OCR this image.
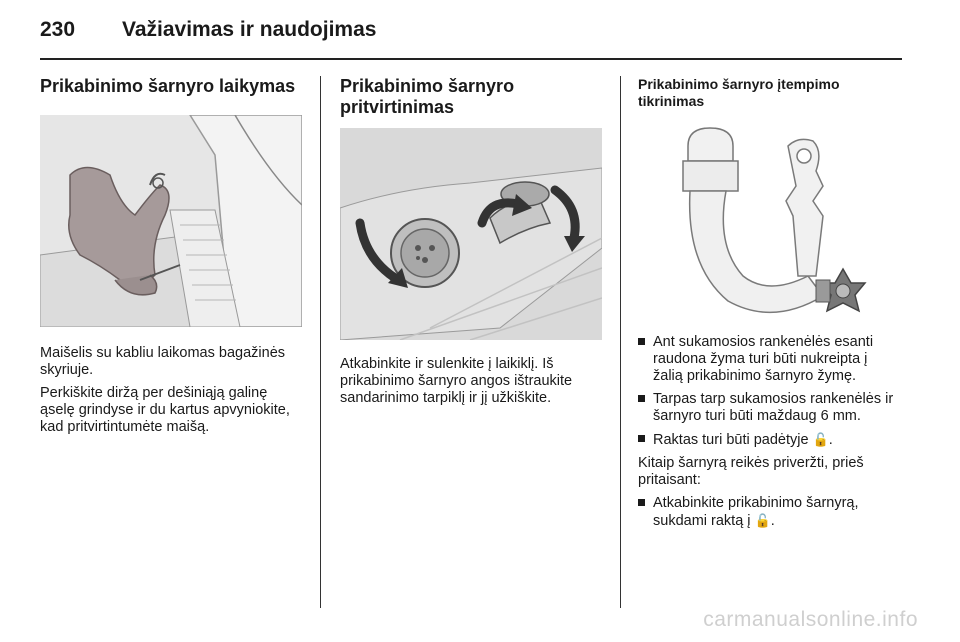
230 Važiavimas ir naudojimas
Prikabinimo šarnyro laikymas

Maišelis su kabliu laikomas bagažinės skyriuje.

Perkiškite diržą per dešiniąją galinę ąselę grindyse ir du kartus apvyniokite, kad pritvirtintumėte maišą.

Prikabinimo šarnyro pritvirtinimas

Atkabinkite ir sulenkite į laikiklį. Iš prikabinimo šarnyro angos ištraukite sandarinimo tarpiklį ir jį užkiškite.

Prikabinimo šarnyro įtempimo tikrinimas
Ant sukamosios rankenėlės esanti raudona žyma turi būti nukreipta į žalią prikabinimo šarnyro žymę.
Tarpas tarp sukamosios rankenėlės ir šarnyro turi būti maždaug 6 mm.
Raktas turi būti padėtyje 🔓.

Kitaip šarnyrą reikės priveržti, prieš pritaisant:

Atkabinkite prikabinimo šarnyrą, sukdami raktą į 🔓.
carmanualsonline.info
